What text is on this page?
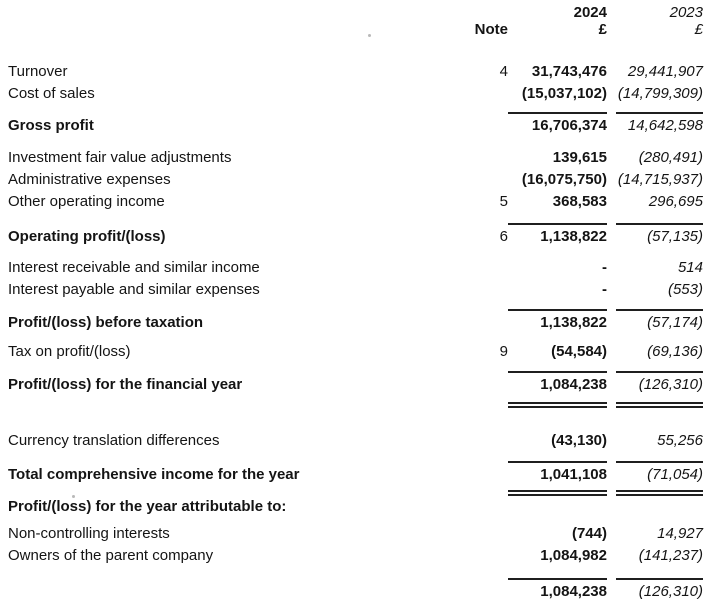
2024	2023
Note	£	£
Turnover	4	31,743,476	29,441,907
Cost of sales	(15,037,102) (14,799,309)
Gross profit	16,706,374	14,642,598
Investment fair value adjustments	139,615	(280,491)
Administrative expenses	(16,075,750) (14,715,937)
Other operating income	5	368,583	296,695
Operating profit/(loss)	6	1,138,822	(57,135)
Interest receivable and similar income	-	514
Interest payable and similar expenses	-	(553)
Profit/(loss) before taxation	1,138,822	(57,174)
Tax on profit/(loss)	9	(54,584)	(69,136)
Profit/(loss) for the financial year	1,084,238	(126,310)
Currency translation differences	(43,130)	55,256
Total comprehensive income for the year	1,041,108	(71,054)
Profit/(loss) for the year attributable to:
Non-controlling interests	(744)	14,927
Owners of the parent company	1,084,982	(141,237)
1,084,238	(126,310)
